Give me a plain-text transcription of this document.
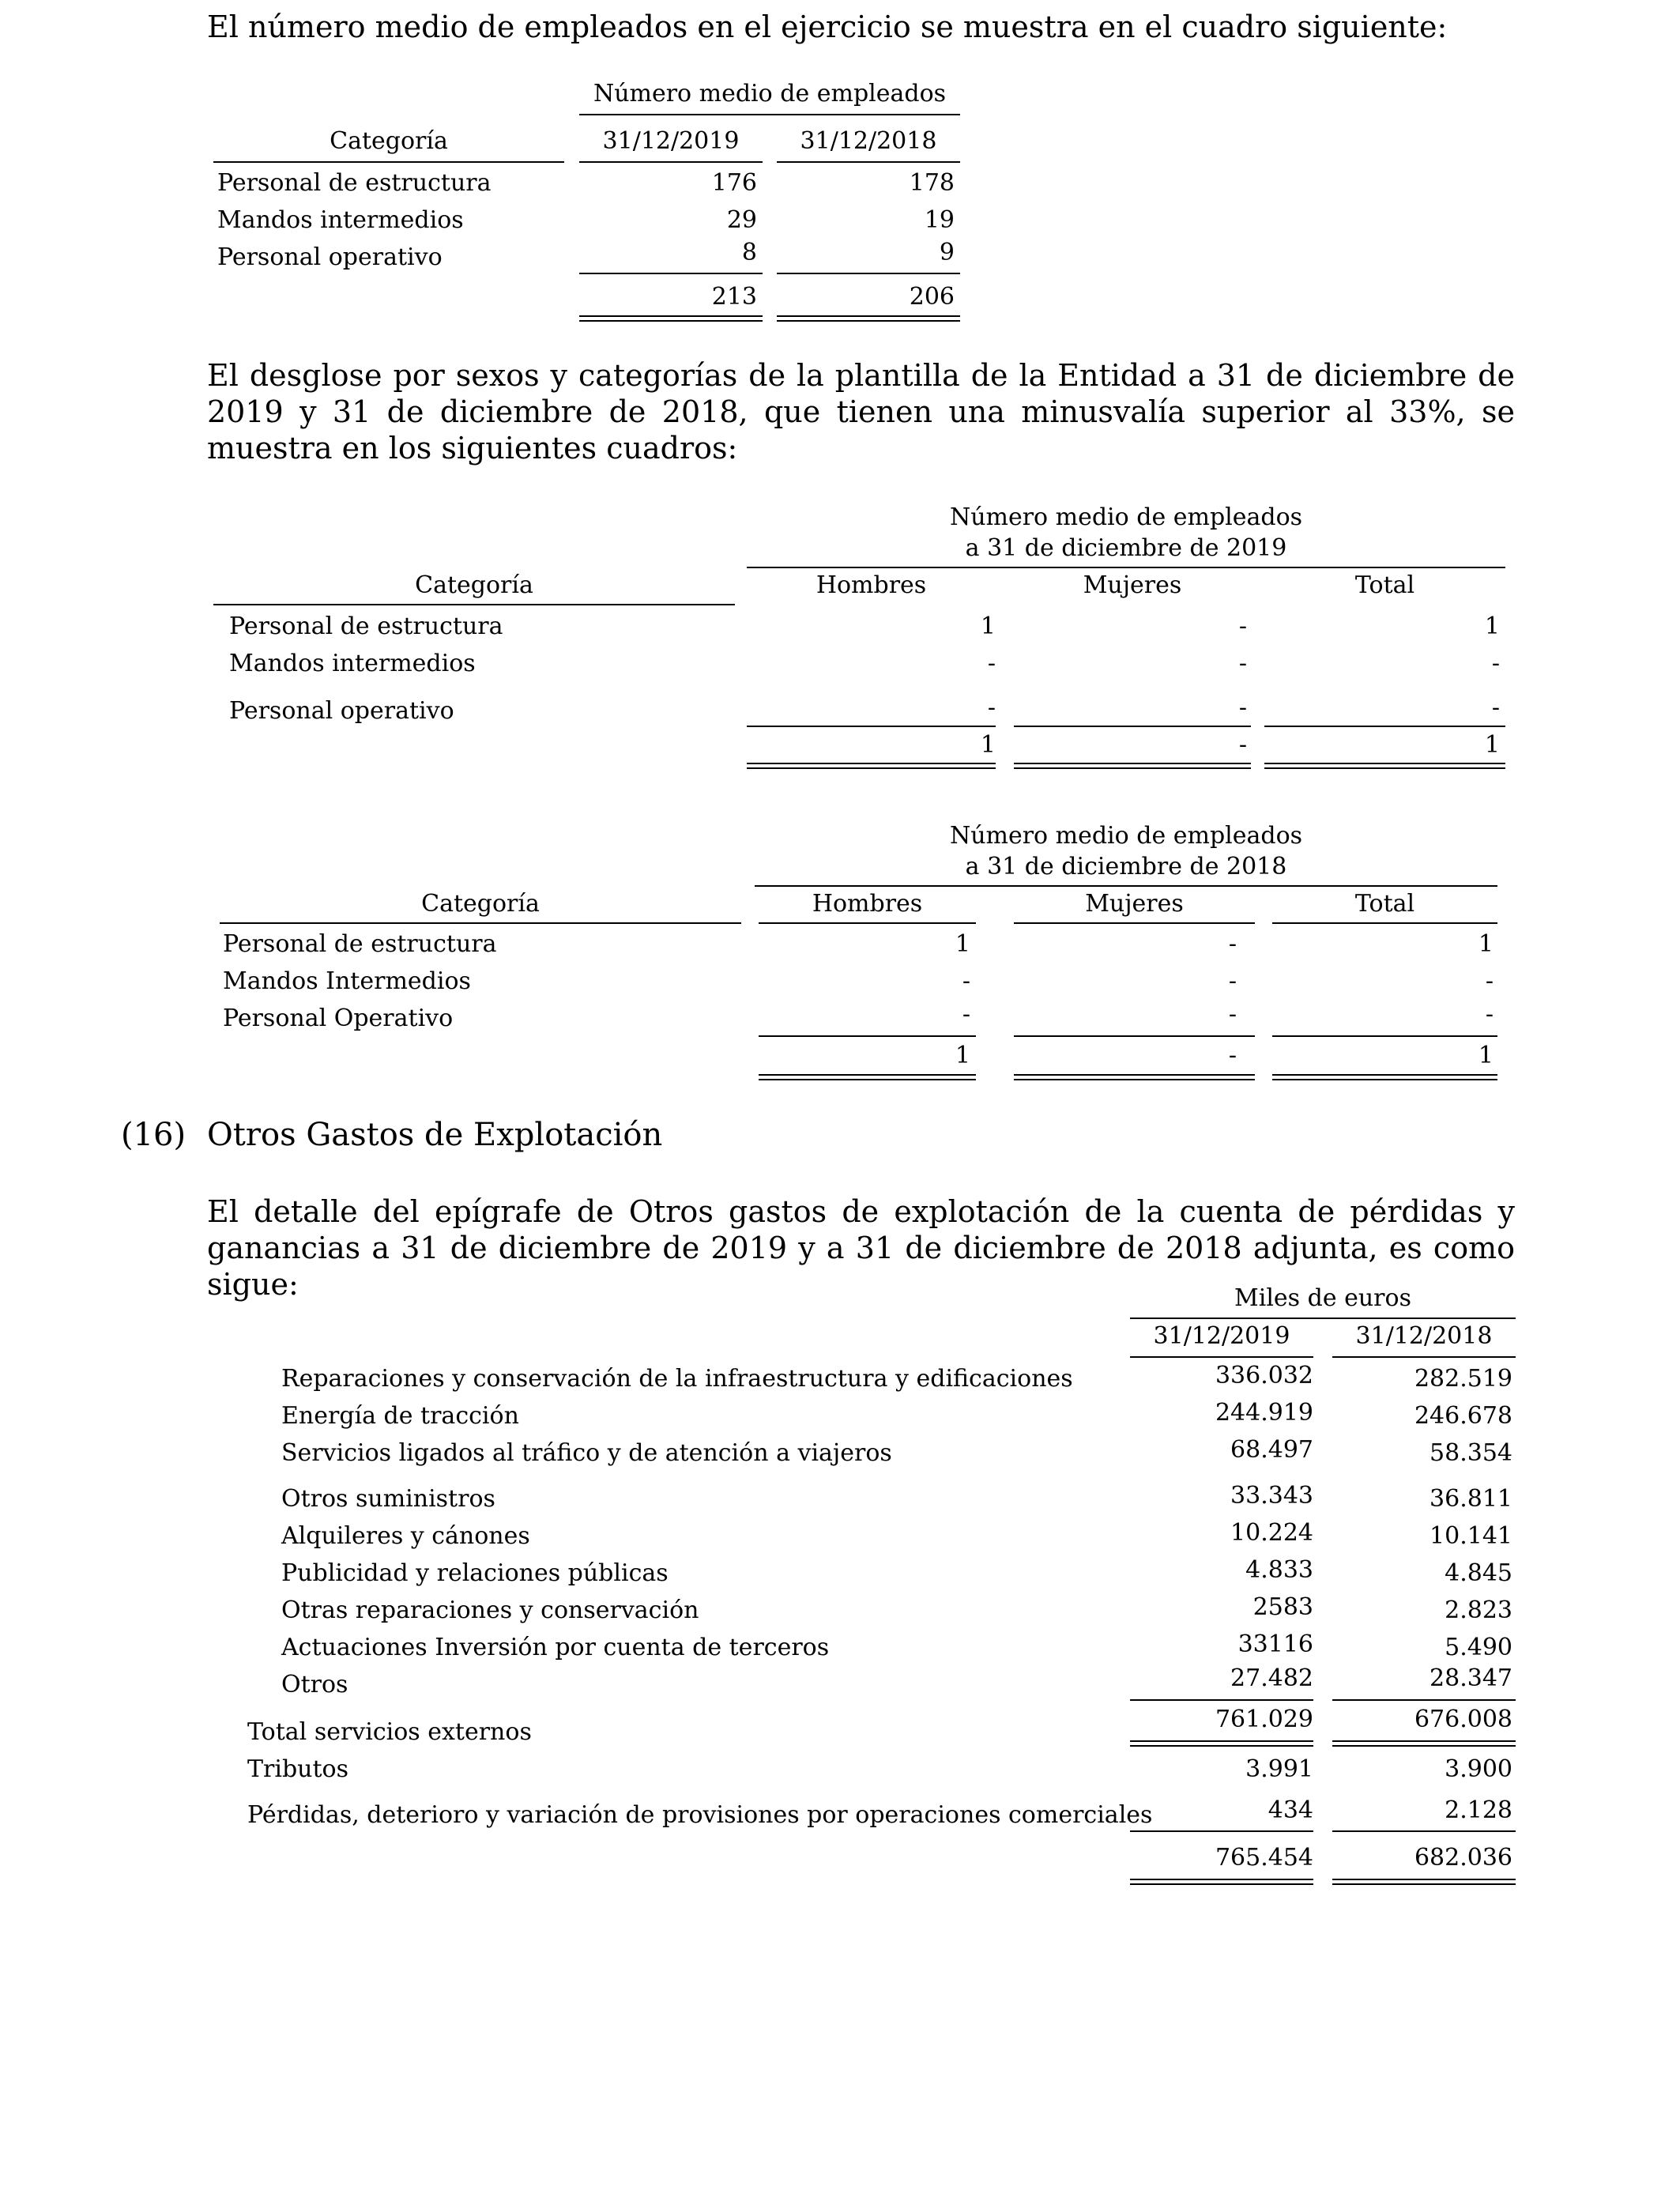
El número medio de empleados en el ejercicio se muestra en el cuadro siguiente:
Número medio de empleados
Categoría	31/12/2019	31/12/2018
Personal de estructura	176	178
Mandos intermedios	29	19
Personal operativo	8	9
213	206
El desglose por sexos y categorías de la plantilla de la Entidad a 31 de diciembre de 2019 y 31 de diciembre de 2018, que tienen una minusvalía superior al 33%, se muestra en los siguientes cuadros:
Número medio de empleados
a 31 de diciembre de 2019
Categoría	Hombres	Mujeres	Total
Personal de estructura	1	-	1
Mandos intermedios	-	-	-
Personal operativo	-	-	-
1	-	1
Número medio de empleados
a 31 de diciembre de 2018
Categoría	Hombres	Mujeres	Total
Personal de estructura	1	-	1
Mandos Intermedios	-	-	-
Personal Operativo	-	-	-
1	-	1
(16) Otros Gastos de Explotación
El detalle del epígrafe de Otros gastos de explotación de la cuenta de pérdidas y ganancias a 31 de diciembre de 2019 y a 31 de diciembre de 2018 adjunta, es como sigue:	Miles de euros
31/12/2019	31/12/2018
Reparaciones y conservación de la infraestructura y edificaciones	336.032	282.519
Energía de tracción	244.919	246.678
Servicios ligados al tráfico y de atención a viajeros	68.497	58.354
Otros suministros	33.343	36.811
Alquileres y cánones	10.224	10.141
Publicidad y relaciones públicas	4.833	4.845
Otras reparaciones y conservación	2583	2.823
Actuaciones Inversión por cuenta de terceros	33116	5.490
Otros	27.482	28.347
Total servicios externos	761.029	676.008
Tributos	3.991	3.900
Pérdidas, deterioro y variación de provisiones por operaciones comerciales	434	2.128
765.454	682.036
